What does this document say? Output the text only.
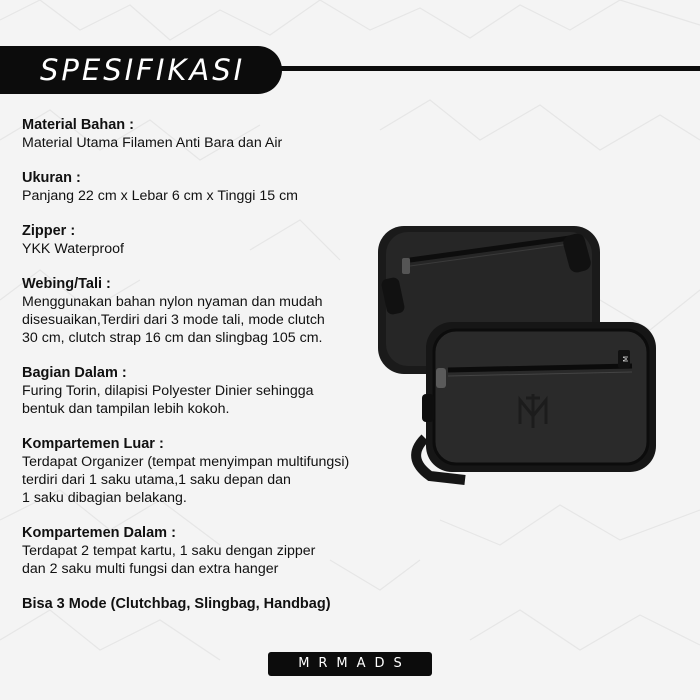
SPESIFIKASI
Material Bahan :
Material Utama Filamen Anti Bara dan Air
Ukuran :
Panjang 22 cm x Lebar 6 cm x Tinggi 15 cm
Zipper :
YKK Waterproof
Webing/Tali :
Menggunakan bahan nylon nyaman dan mudah
disesuaikan,Terdiri dari 3 mode tali, mode clutch
30 cm, clutch strap 16 cm dan slingbag 105 cm.
Bagian Dalam :
Furing Torin, dilapisi Polyester Dinier sehingga
bentuk dan tampilan lebih kokoh.
Kompartemen Luar :
Terdapat Organizer (tempat menyimpan multifungsi)
terdiri dari 1 saku utama,1 saku depan dan
1 saku dibagian belakang.
Kompartemen Dalam :
Terdapat 2 tempat kartu, 1 saku dengan zipper
dan 2 saku multi fungsi dan extra hanger
Bisa 3 Mode (Clutchbag, Slingbag, Handbag)
M
MRMADS
